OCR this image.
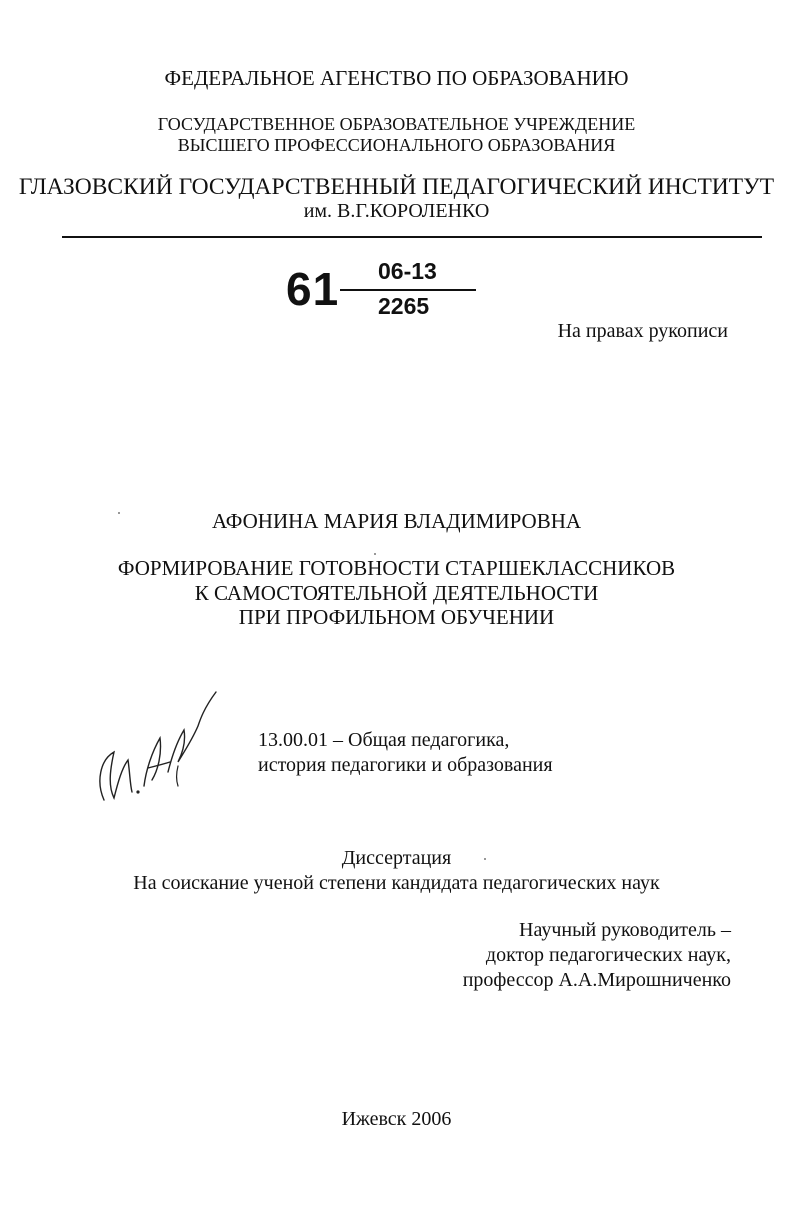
ФЕДЕРАЛЬНОЕ АГЕНСТВО ПО ОБРАЗОВАНИЮ
ГОСУДАРСТВЕННОЕ ОБРАЗОВАТЕЛЬНОЕ УЧРЕЖДЕНИЕ
ВЫСШЕГО ПРОФЕССИОНАЛЬНОГО ОБРАЗОВАНИЯ
ГЛАЗОВСКИЙ ГОСУДАРСТВЕННЫЙ ПЕДАГОГИЧЕСКИЙ ИНСТИТУТ
им. В.Г.КОРОЛЕНКО
61 06-13
2265
На правах рукописи
АФОНИНА МАРИЯ ВЛАДИМИРОВНА
ФОРМИРОВАНИЕ ГОТОВНОСТИ СТАРШЕКЛАССНИКОВ
К САМОСТОЯТЕЛЬНОЙ ДЕЯТЕЛЬНОСТИ
ПРИ ПРОФИЛЬНОМ ОБУЧЕНИИ
13.00.01 – Общая педагогика,
история педагогики и образования
Диссертация
На соискание ученой степени кандидата педагогических наук
Научный руководитель –
доктор педагогических наук,
профессор А.А.Мирошниченко
Ижевск 2006
